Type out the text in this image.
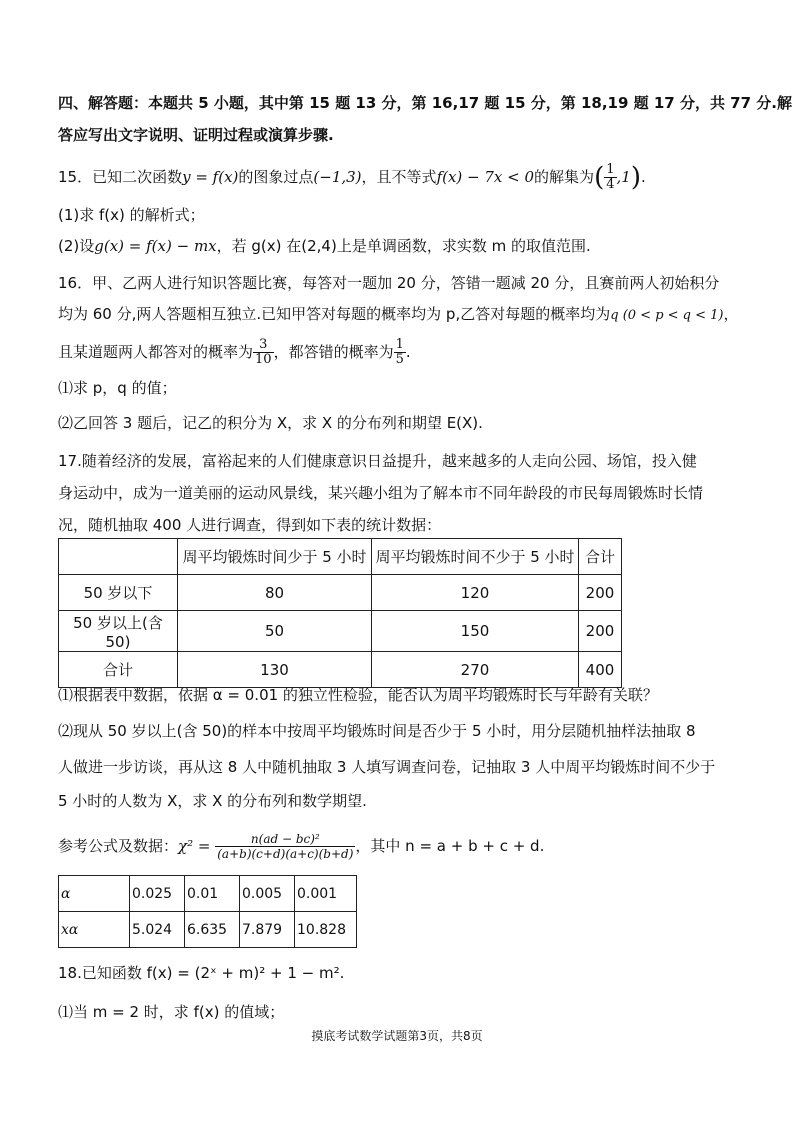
四、解答题：本题共 5 小题，其中第 15 题 13 分，第 16,17 题 15 分，第 18,19 题 17 分，共 77 分.解
答应写出文字说明、证明过程或演算步骤.
15．已知二次函数y = f(x)的图象过点(−1,3)，且不等式f(x) − 7x < 0的解集为( $\frac{1}{4} ,1$).
(1)求 f(x) 的解析式；
(2)设g(x) = f(x) − mx，若 g(x) 在(2,4)上是单调函数，求实数 m 的取值范围.
16．甲、乙两人进行知识答题比赛，每答对一题加 20 分，答错一题减 20 分，且赛前两人初始积分
均为 60 分,两人答题相互独立.已知甲答对每题的概率均为 p,乙答对每题的概率均为q (0 < p < q < 1)，
且某道题两人都答对的概率为 $\frac{3}{10}$ ，都答错的概率为 $\frac{1}{5}$ .
⑴求 p，q 的值；
⑵乙回答 3 题后，记乙的积分为 X，求 X 的分布列和期望 E(X).
17.随着经济的发展，富裕起来的人们健康意识日益提升，越来越多的人走向公园、场馆，投入健
身运动中，成为一道美丽的运动风景线，某兴趣小组为了解本市不同年龄段的市民每周锻炼时长情
况，随机抽取 400 人进行调查，得到如下表的统计数据：
	周平均锻炼时间少于 5 小时	周平均锻炼时间不少于 5 小时	合计
50 岁以下	80	120	200
50 岁以上(含 50)	50	150	200
合计	130	270	400
⑴根据表中数据，依据 α = 0.01 的独立性检验，能否认为周平均锻炼时长与年龄有关联？
⑵现从 50 岁以上(含 50)的样本中按周平均锻炼时间是否少于 5 小时，用分层随机抽样法抽取 8
人做进一步访谈，再从这 8 人中随机抽取 3 人填写调查问卷，记抽取 3 人中周平均锻炼时间不少于
5 小时的人数为 X，求 X 的分布列和数学期望.
参考公式及数据：$\chi^2 = \frac{\text{n(ad − bc)²}}{(a+b)(c+d)(a+c)(b+d)}$ ，其中 n = a + b + c + d.
α	0.025	0.01	0.005	0.001
xα	5.024	6.635	7.879	10.828
18.已知函数 f(x) = (2ˣ + m)² + 1 − m².
⑴当 m = 2 时，求 f(x) 的值域；
摸底考试数学试题第3页，共8页
